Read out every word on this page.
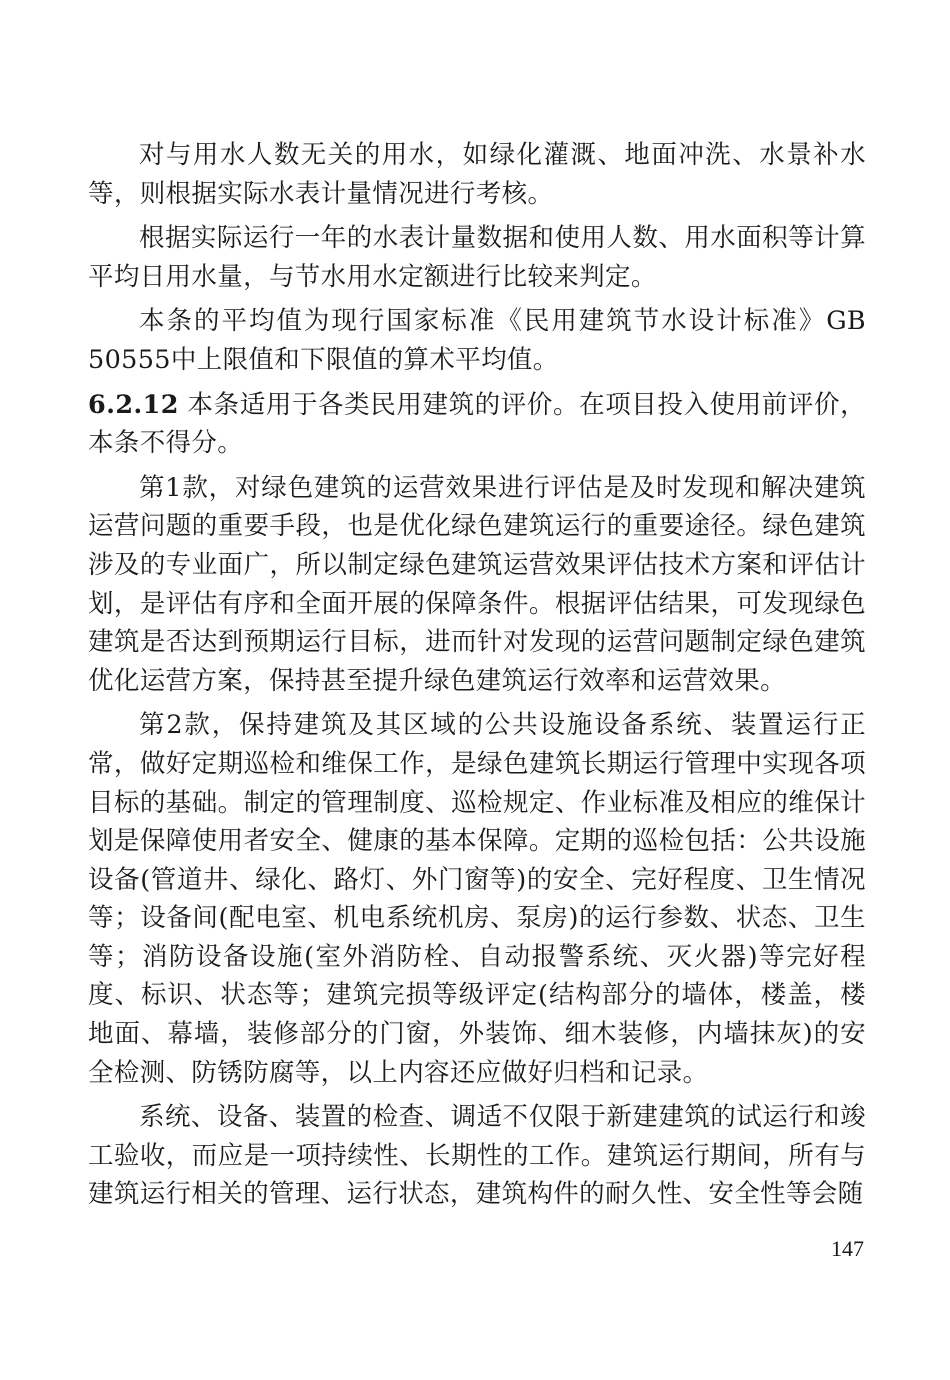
对与用水人数无关的用水，如绿化灌溉、地面冲洗、水景补水等，则根据实际水表计量情况进行考核。

根据实际运行一年的水表计量数据和使用人数、用水面积等计算平均日用水量，与节水用水定额进行比较来判定。

本条的平均值为现行国家标准《民用建筑节水设计标准》GB 50555中上限值和下限值的算术平均值。

6.2.12 本条适用于各类民用建筑的评价。在项目投入使用前评价，本条不得分。

第1款，对绿色建筑的运营效果进行评估是及时发现和解决建筑运营问题的重要手段，也是优化绿色建筑运行的重要途径。绿色建筑涉及的专业面广，所以制定绿色建筑运营效果评估技术方案和评估计划，是评估有序和全面开展的保障条件。根据评估结果，可发现绿色建筑是否达到预期运行目标，进而针对发现的运营问题制定绿色建筑优化运营方案，保持甚至提升绿色建筑运行效率和运营效果。

第2款，保持建筑及其区域的公共设施设备系统、装置运行正常，做好定期巡检和维保工作，是绿色建筑长期运行管理中实现各项目标的基础。制定的管理制度、巡检规定、作业标准及相应的维保计划是保障使用者安全、健康的基本保障。定期的巡检包括：公共设施设备(管道井、绿化、路灯、外门窗等)的安全、完好程度、卫生情况等；设备间(配电室、机电系统机房、泵房)的运行参数、状态、卫生等；消防设备设施(室外消防栓、自动报警系统、灭火器)等完好程度、标识、状态等；建筑完损等级评定(结构部分的墙体，楼盖，楼地面、幕墙，装修部分的门窗，外装饰、细木装修，内墙抹灰)的安全检测、防锈防腐等，以上内容还应做好归档和记录。

系统、设备、装置的检查、调适不仅限于新建建筑的试运行和竣工验收，而应是一项持续性、长期性的工作。建筑运行期间，所有与建筑运行相关的管理、运行状态，建筑构件的耐久性、安全性等会随

147
